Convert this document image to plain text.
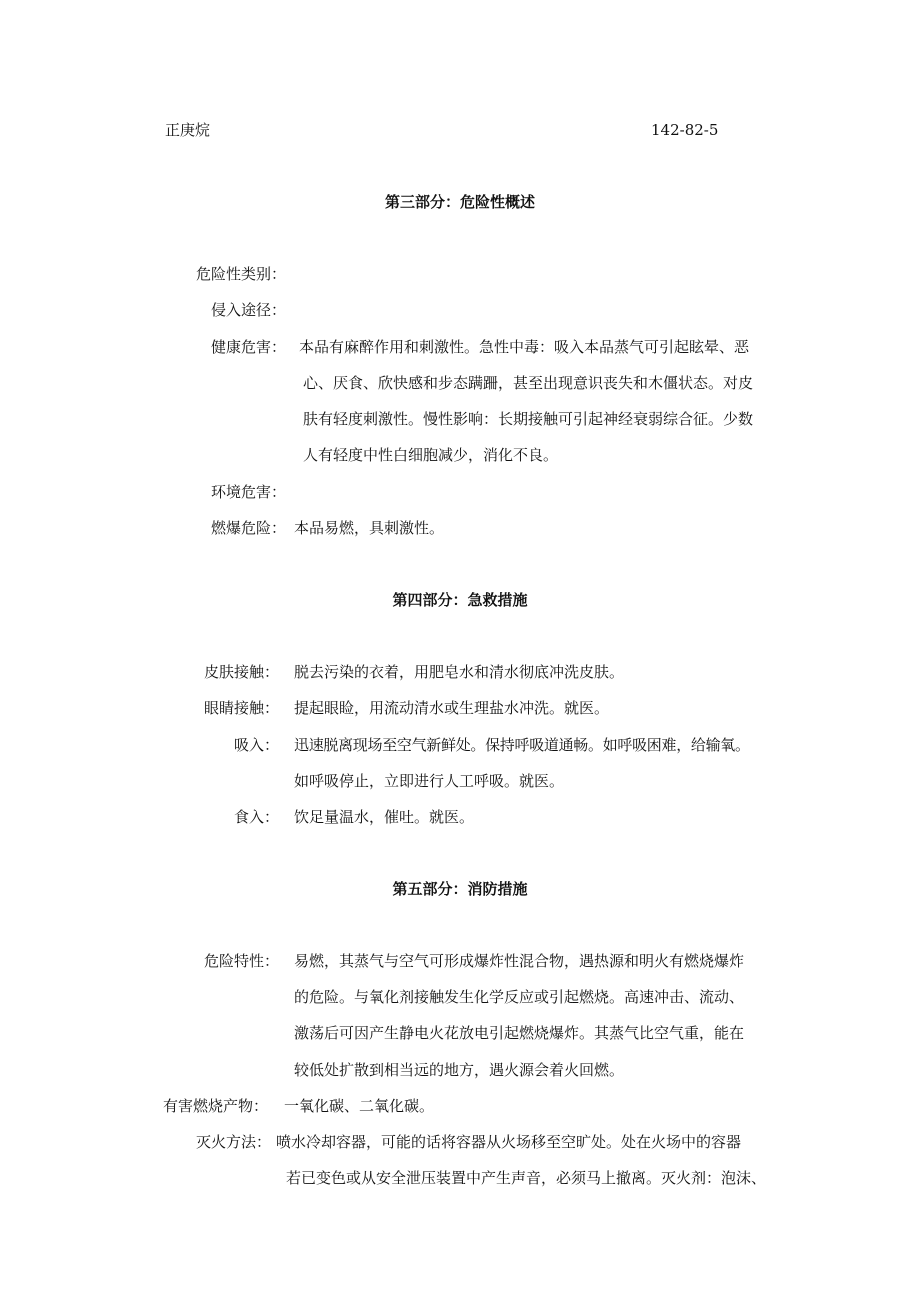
正庚烷	142-82-5
第三部分：危险性概述
危险性类别：
侵入途径：
健康危害： 本品有麻醉作用和刺激性。急性中毒：吸入本品蒸气可引起眩晕、恶
心、厌食、欣快感和步态蹒跚，甚至出现意识丧失和木僵状态。对皮
肤有轻度刺激性。慢性影响：长期接触可引起神经衰弱综合征。少数
人有轻度中性白细胞减少，消化不良。
环境危害：
燃爆危险： 本品易燃，具刺激性。
第四部分：急救措施
皮肤接触： 脱去污染的衣着，用肥皂水和清水彻底冲洗皮肤。
眼睛接触： 提起眼睑，用流动清水或生理盐水冲洗。就医。
吸入： 迅速脱离现场至空气新鲜处。保持呼吸道通畅。如呼吸困难，给输氧。
如呼吸停止，立即进行人工呼吸。就医。
食入： 饮足量温水，催吐。就医。
第五部分：消防措施
危险特性： 易燃，其蒸气与空气可形成爆炸性混合物，遇热源和明火有燃烧爆炸
的危险。与氧化剂接触发生化学反应或引起燃烧。高速冲击、流动、
激荡后可因产生静电火花放电引起燃烧爆炸。其蒸气比空气重，能在
较低处扩散到相当远的地方，遇火源会着火回燃。
有害燃烧产物： 一氧化碳、二氧化碳。
灭火方法： 喷水冷却容器，可能的话将容器从火场移至空旷处。处在火场中的容器
若已变色或从安全泄压装置中产生声音，必须马上撤离。灭火剂：泡沫、
